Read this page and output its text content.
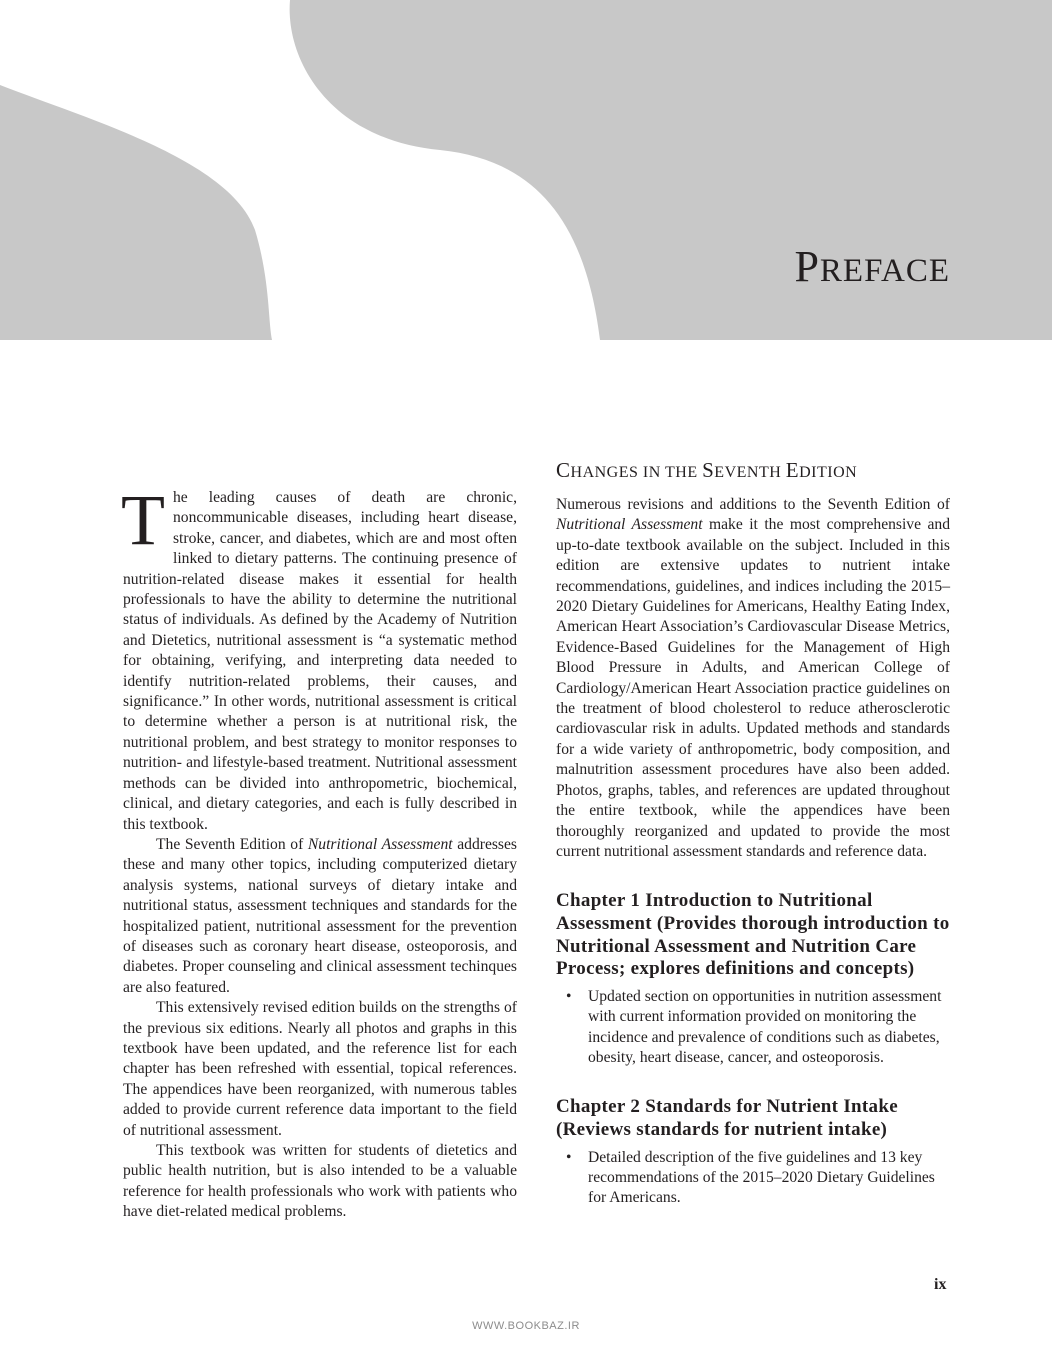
PREFACE

The leading causes of death are chronic, noncommunicable diseases, including heart disease, stroke, cancer, and diabetes, which are and most often linked to dietary patterns. The continuing presence of nutrition-related disease makes it essential for health professionals to have the ability to determine the nutritional status of individuals. As defined by the Academy of Nutrition and Dietetics, nutritional assessment is “a systematic method for obtaining, verifying, and interpreting data needed to identify nutrition-related problems, their causes, and significance.” In other words, nutritional assessment is critical to determine whether a person is at nutritional risk, the nutritional problem, and best strategy to monitor responses to nutrition- and lifestyle-based treatment. Nutritional assessment methods can be divided into anthropometric, biochemical, clinical, and dietary categories, and each is fully described in this textbook.

The Seventh Edition of Nutritional Assessment addresses these and many other topics, including computerized dietary analysis systems, national surveys of dietary intake and nutritional status, assessment techniques and standards for the hospitalized patient, nutritional assessment for the prevention of diseases such as coronary heart disease, osteoporosis, and diabetes. Proper counseling and clinical assessment techinques are also featured.

This extensively revised edition builds on the strengths of the previous six editions. Nearly all photos and graphs in this textbook have been updated, and the reference list for each chapter has been refreshed with essential, topical references. The appendices have been reorganized, with numerous tables added to provide current reference data important to the field of nutritional assessment.

This textbook was written for students of dietetics and public health nutrition, but is also intended to be a valuable reference for health professionals who work with patients who have diet-related medical problems.

CHANGES IN THE SEVENTH EDITION

Numerous revisions and additions to the Seventh Edition of Nutritional Assessment make it the most comprehensive and up-to-date textbook available on the subject. Included in this edition are extensive updates to nutrient intake recommendations, guidelines, and indices including the 2015–2020 Dietary Guidelines for Americans, Healthy Eating Index, American Heart Association’s Cardiovascular Disease Metrics, Evidence-Based Guidelines for the Management of High Blood Pressure in Adults, and American College of Cardiology/American Heart Association practice guidelines on the treatment of blood cholesterol to reduce atherosclerotic cardiovascular risk in adults. Updated methods and standards for a wide variety of anthropometric, body composition, and malnutrition assessment procedures have also been added. Photos, graphs, tables, and references are updated throughout the entire textbook, while the appendices have been thoroughly reorganized and updated to provide the most current nutritional assessment standards and reference data.

Chapter 1 Introduction to Nutritional Assessment (Provides thorough introduction to Nutritional Assessment and Nutrition Care Process; explores definitions and concepts)
• Updated section on opportunities in nutrition assessment with current information provided on monitoring the incidence and prevalence of conditions such as diabetes, obesity, heart disease, cancer, and osteoporosis.
Chapter 2 Standards for Nutrient Intake (Reviews standards for nutrient intake)
• Detailed description of the five guidelines and 13 key recommendations of the 2015–2020 Dietary Guidelines for Americans.
ix
WWW.BOOKBAZ.IR
